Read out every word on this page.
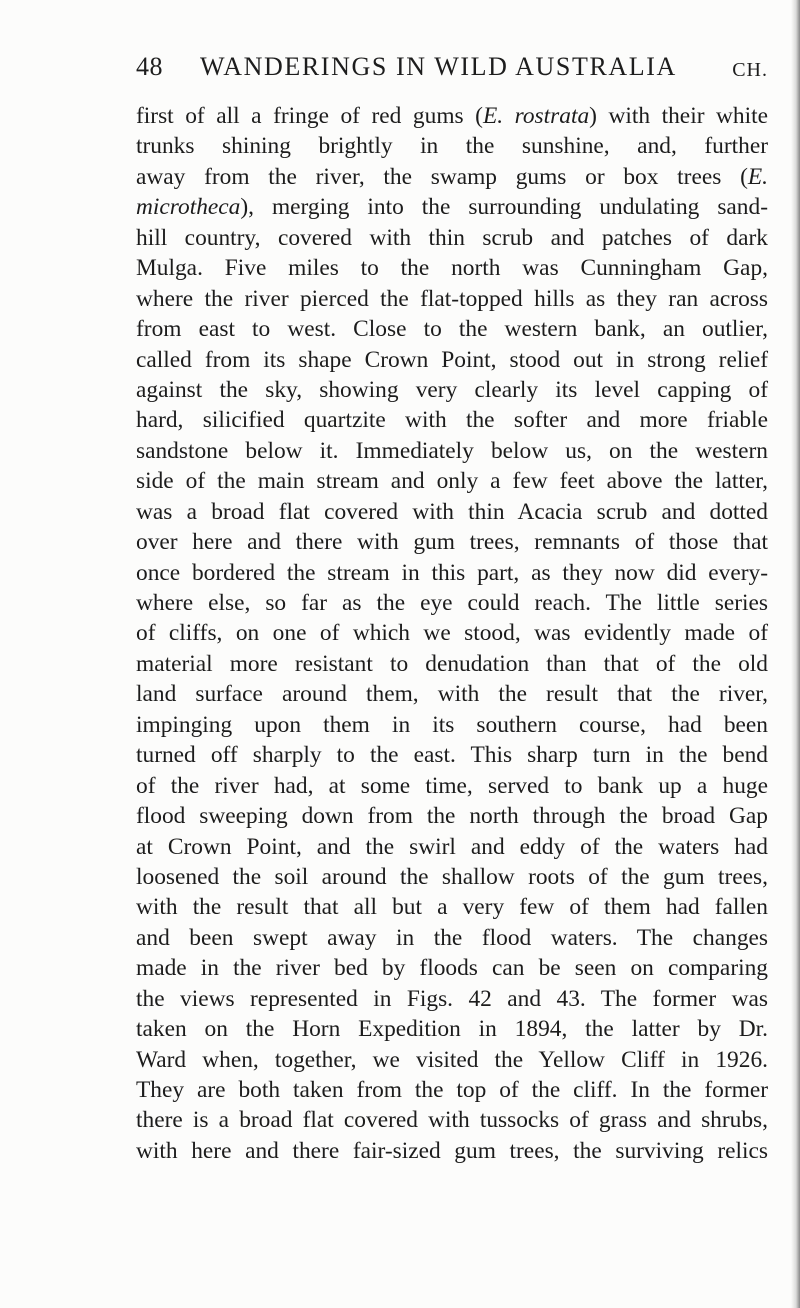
48 WANDERINGS IN WILD AUSTRALIA	CH.
first of all a fringe of red gums (E. rostrata) with their white
trunks shining brightly in the sunshine, and, further
away from the river, the swamp gums or box trees (E.
microtheca), merging into the surrounding undulating sand-
hill country, covered with thin scrub and patches of dark
Mulga. Five miles to the north was Cunningham Gap,
where the river pierced the flat-topped hills as they ran across
from east to west. Close to the western bank, an outlier,
called from its shape Crown Point, stood out in strong relief
against the sky, showing very clearly its level capping of
hard, silicified quartzite with the softer and more friable
sandstone below it. Immediately below us, on the western
side of the main stream and only a few feet above the latter,
was a broad flat covered with thin Acacia scrub and dotted
over here and there with gum trees, remnants of those that
once bordered the stream in this part, as they now did every-
where else, so far as the eye could reach. The little series
of cliffs, on one of which we stood, was evidently made of
material more resistant to denudation than that of the old
land surface around them, with the result that the river,
impinging upon them in its southern course, had been
turned off sharply to the east. This sharp turn in the bend
of the river had, at some time, served to bank up a huge
flood sweeping down from the north through the broad Gap
at Crown Point, and the swirl and eddy of the waters had
loosened the soil around the shallow roots of the gum trees,
with the result that all but a very few of them had fallen
and been swept away in the flood waters. The changes
made in the river bed by floods can be seen on comparing
the views represented in Figs. 42 and 43. The former was
taken on the Horn Expedition in 1894, the latter by Dr.
Ward when, together, we visited the Yellow Cliff in 1926.
They are both taken from the top of the cliff. In the former
there is a broad flat covered with tussocks of grass and shrubs,
with here and there fair-sized gum trees, the surviving relics
